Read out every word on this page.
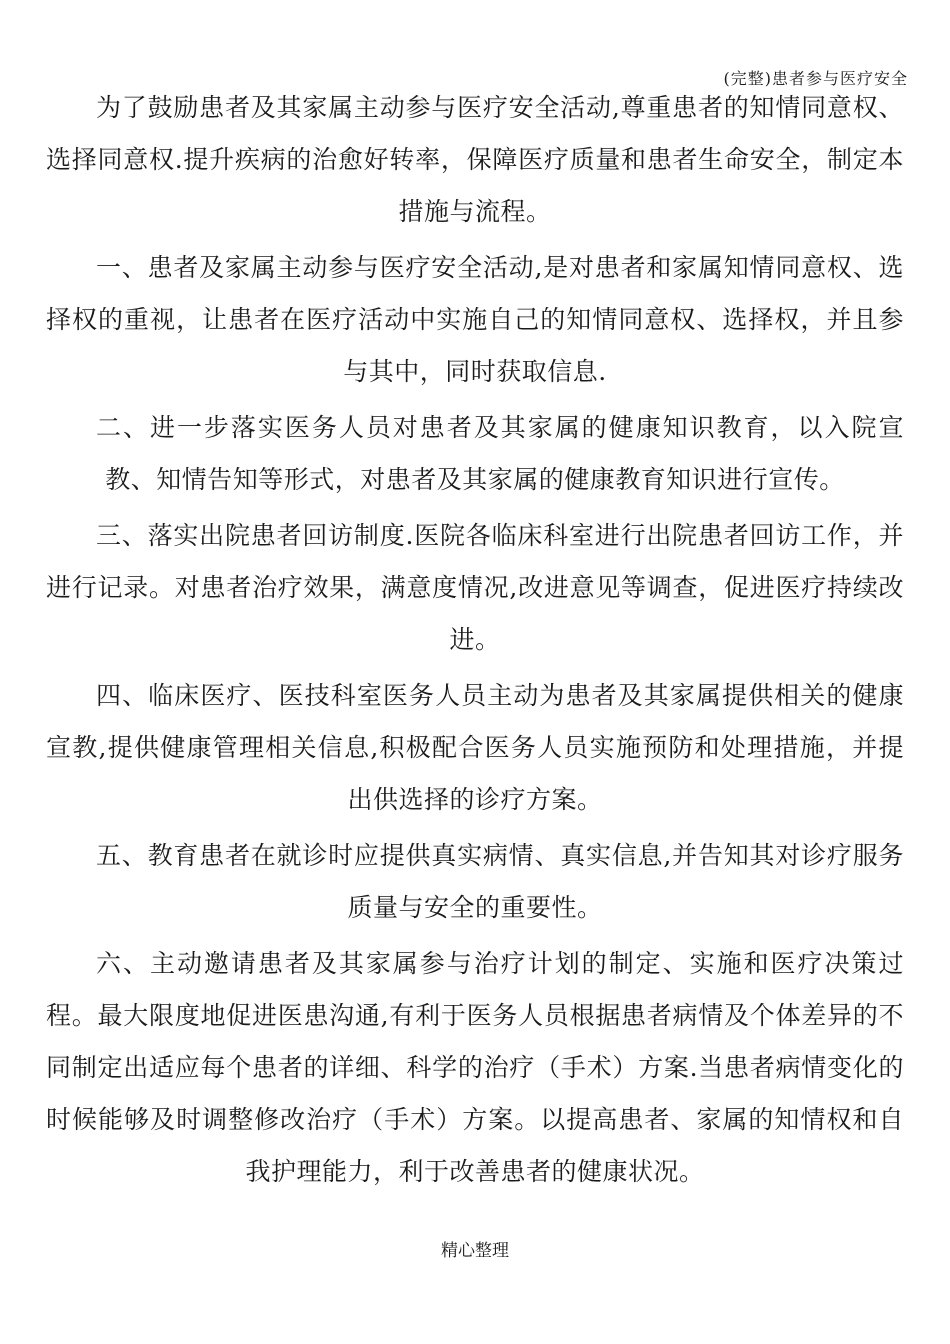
(完整)患者参与医疗安全

为了鼓励患者及其家属主动参与医疗安全活动,尊重患者的知情同意权、选择同意权.提升疾病的治愈好转率，保障医疗质量和患者生命安全，制定本措施与流程。

一、患者及家属主动参与医疗安全活动,是对患者和家属知情同意权、选择权的重视，让患者在医疗活动中实施自己的知情同意权、选择权，并且参与其中，同时获取信息.

二、进一步落实医务人员对患者及其家属的健康知识教育，以入院宣教、知情告知等形式，对患者及其家属的健康教育知识进行宣传。

三、落实出院患者回访制度.医院各临床科室进行出院患者回访工作，并进行记录。对患者治疗效果，满意度情况,改进意见等调查，促进医疗持续改进。

四、临床医疗、医技科室医务人员主动为患者及其家属提供相关的健康宣教,提供健康管理相关信息,积极配合医务人员实施预防和处理措施，并提出供选择的诊疗方案。

五、教育患者在就诊时应提供真实病情、真实信息,并告知其对诊疗服务质量与安全的重要性。

六、主动邀请患者及其家属参与治疗计划的制定、实施和医疗决策过程。最大限度地促进医患沟通,有利于医务人员根据患者病情及个体差异的不同制定出适应每个患者的详细、科学的治疗（手术）方案.当患者病情变化的时候能够及时调整修改治疗（手术）方案。以提高患者、家属的知情权和自我护理能力，利于改善患者的健康状况。

精心整理
